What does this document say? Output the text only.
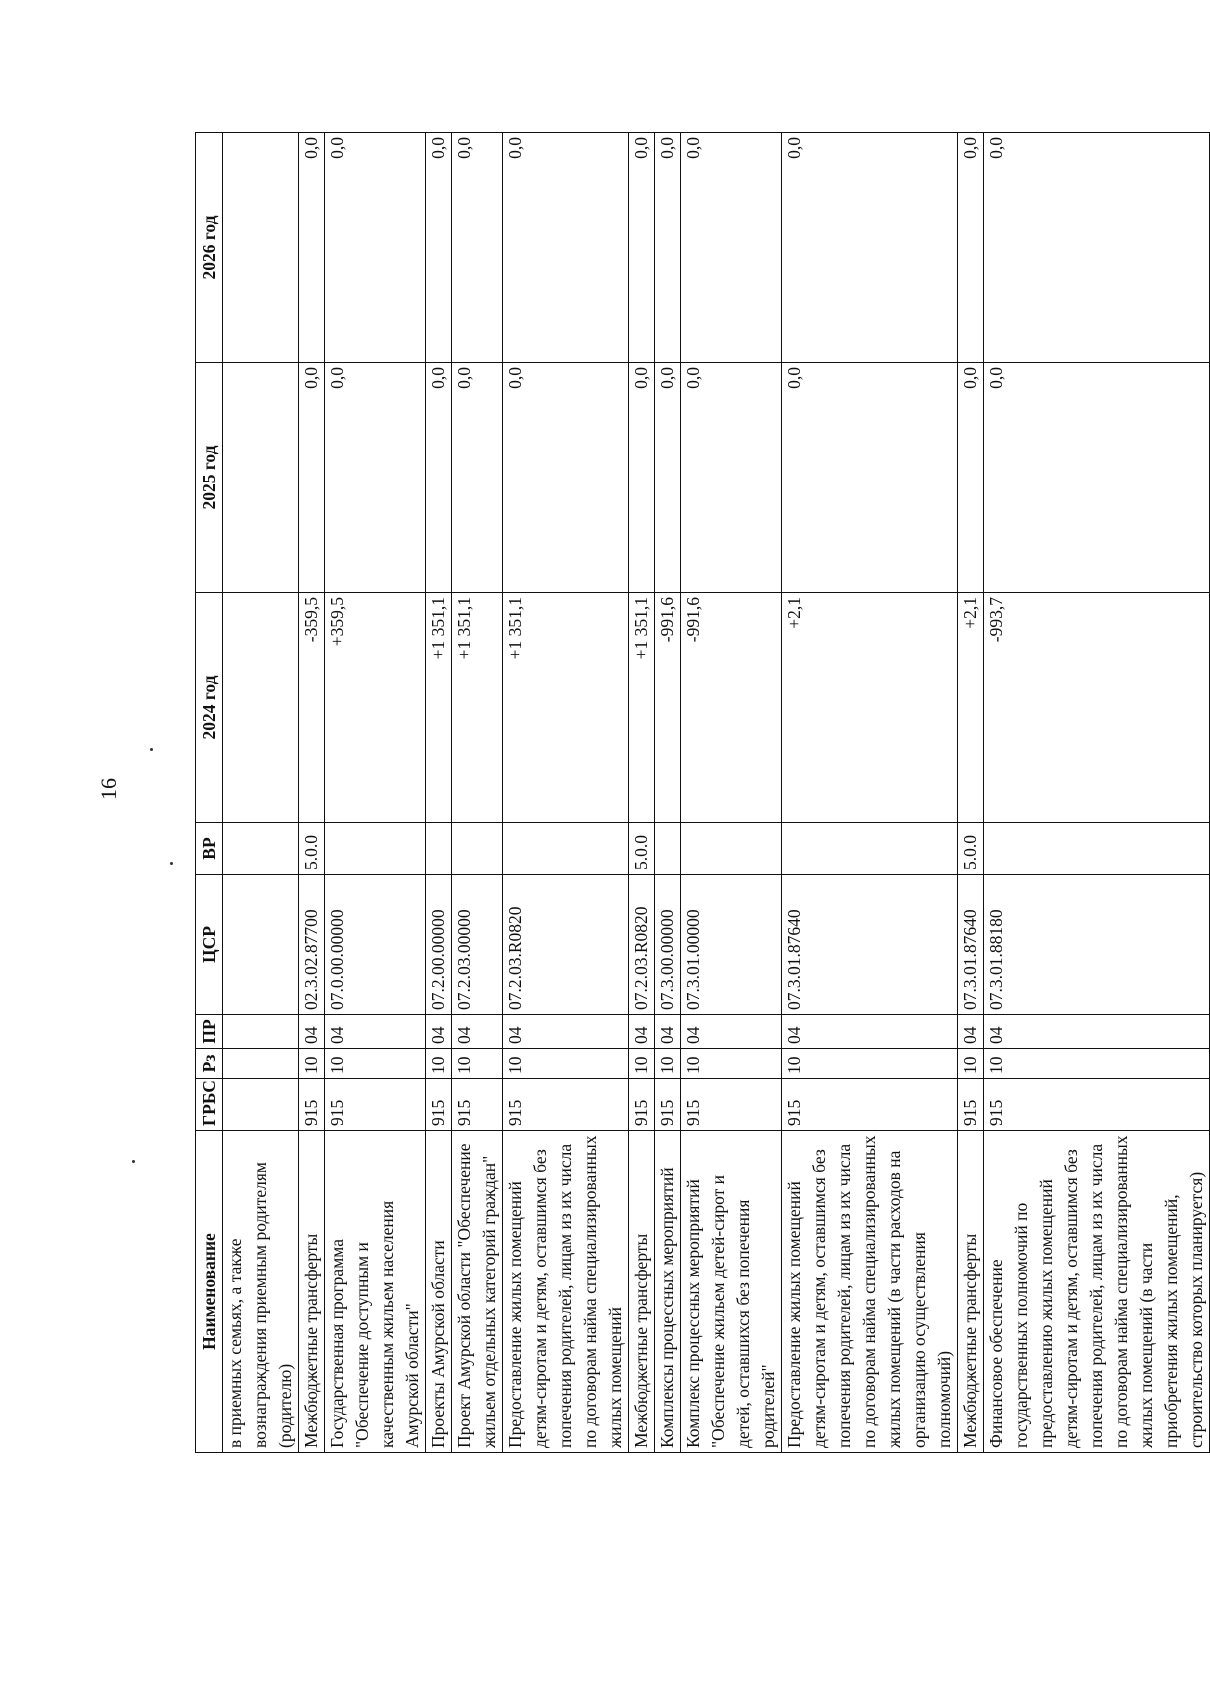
16
Наименование	ГРБС	Рз	ПР	ЦСР	ВР	2024 год	2025 год	2026 год
в приемных семьях, а также вознаграждения приемным родителям (родителю)								
Межбюджетные трансферты	915	10	04	02.3.02.87700	5.0.0	-359,5	0,0	0,0
Государственная программа "Обеспечение доступным и качественным жильем населения Амурской области"	915	10	04	07.0.00.00000		+359,5	0,0	0,0
Проекты Амурской области	915	10	04	07.2.00.00000		+1 351,1	0,0	0,0
Проект Амурской области "Обеспечение жильем отдельных категорий граждан"	915	10	04	07.2.03.00000		+1 351,1	0,0	0,0
Предоставление жилых помещений детям-сиротам и детям, оставшимся без попечения родителей, лицам из их числа по договорам найма специализированных жилых помещений	915	10	04	07.2.03.R0820		+1 351,1	0,0	0,0
Межбюджетные трансферты	915	10	04	07.2.03.R0820	5.0.0	+1 351,1	0,0	0,0
Комплексы процессных мероприятий	915	10	04	07.3.00.00000		-991,6	0,0	0,0
Комплекс процессных мероприятий "Обеспечение жильем детей-сирот и детей, оставшихся без попечения родителей"	915	10	04	07.3.01.00000		-991,6	0,0	0,0
Предоставление жилых помещений детям-сиротам и детям, оставшимся без попечения родителей, лицам из их числа по договорам найма специализированных жилых помещений (в части расходов на организацию осуществления полномочий)	915	10	04	07.3.01.87640		+2,1	0,0	0,0
Межбюджетные трансферты	915	10	04	07.3.01.87640	5.0.0	+2,1	0,0	0,0
Финансовое обеспечение государственных полномочий по предоставлению жилых помещений детям-сиротам и детям, оставшимся без попечения родителей, лицам из их числа по договорам найма специализированных жилых помещений (в части приобретения жилых помещений, строительство которых планируется)	915	10	04	07.3.01.88180		-993,7	0,0	0,0
